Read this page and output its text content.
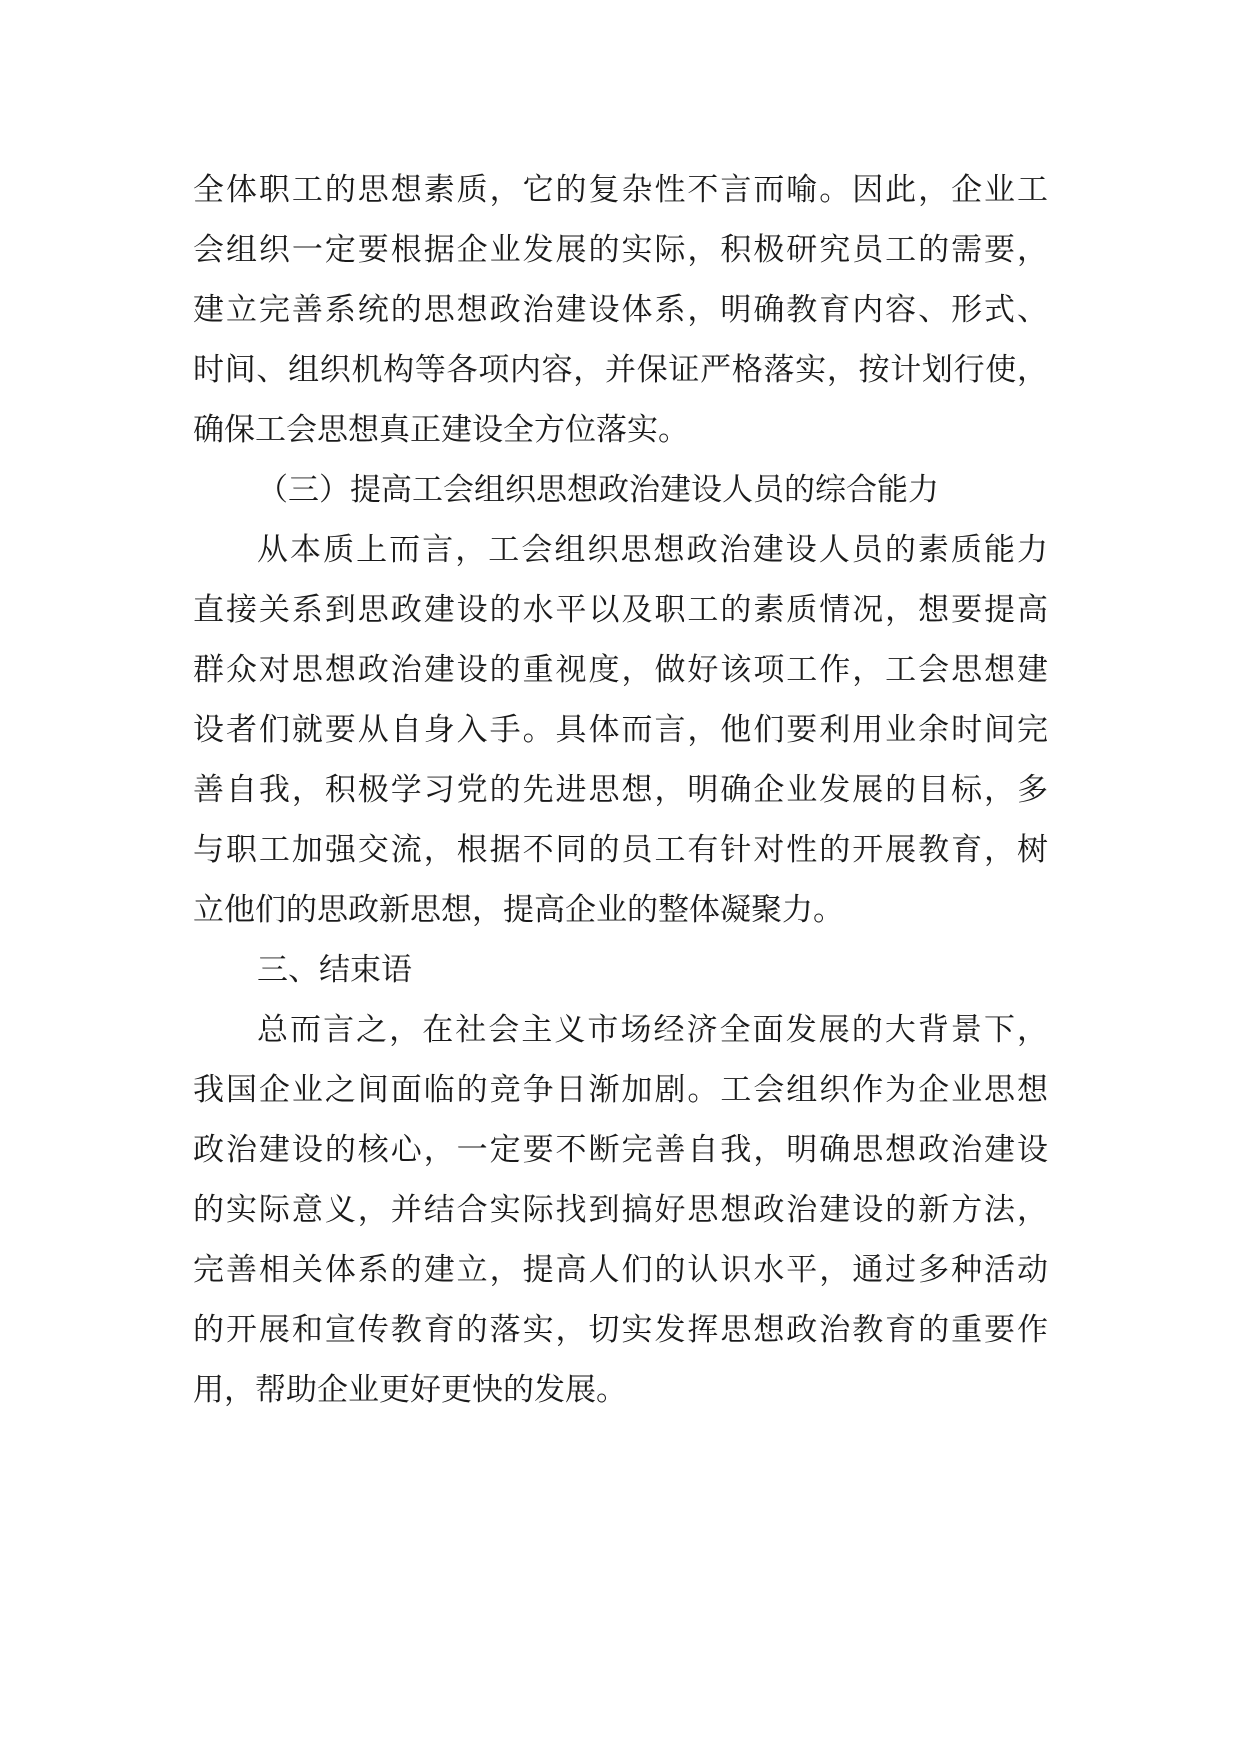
全体职工的思想素质，它的复杂性不言而喻。因此，企业工
会组织一定要根据企业发展的实际，积极研究员工的需要，
建立完善系统的思想政治建设体系，明确教育内容、形式、
时间、组织机构等各项内容，并保证严格落实，按计划行使，
确保工会思想真正建设全方位落实。
（三）提高工会组织思想政治建设人员的综合能力
从本质上而言，工会组织思想政治建设人员的素质能力
直接关系到思政建设的水平以及职工的素质情况，想要提高
群众对思想政治建设的重视度，做好该项工作，工会思想建
设者们就要从自身入手。具体而言，他们要利用业余时间完
善自我，积极学习党的先进思想，明确企业发展的目标，多
与职工加强交流，根据不同的员工有针对性的开展教育，树
立他们的思政新思想，提高企业的整体凝聚力。
三、结束语
总而言之，在社会主义市场经济全面发展的大背景下，
我国企业之间面临的竞争日渐加剧。工会组织作为企业思想
政治建设的核心，一定要不断完善自我，明确思想政治建设
的实际意义，并结合实际找到搞好思想政治建设的新方法，
完善相关体系的建立，提高人们的认识水平，通过多种活动
的开展和宣传教育的落实，切实发挥思想政治教育的重要作
用，帮助企业更好更快的发展。
